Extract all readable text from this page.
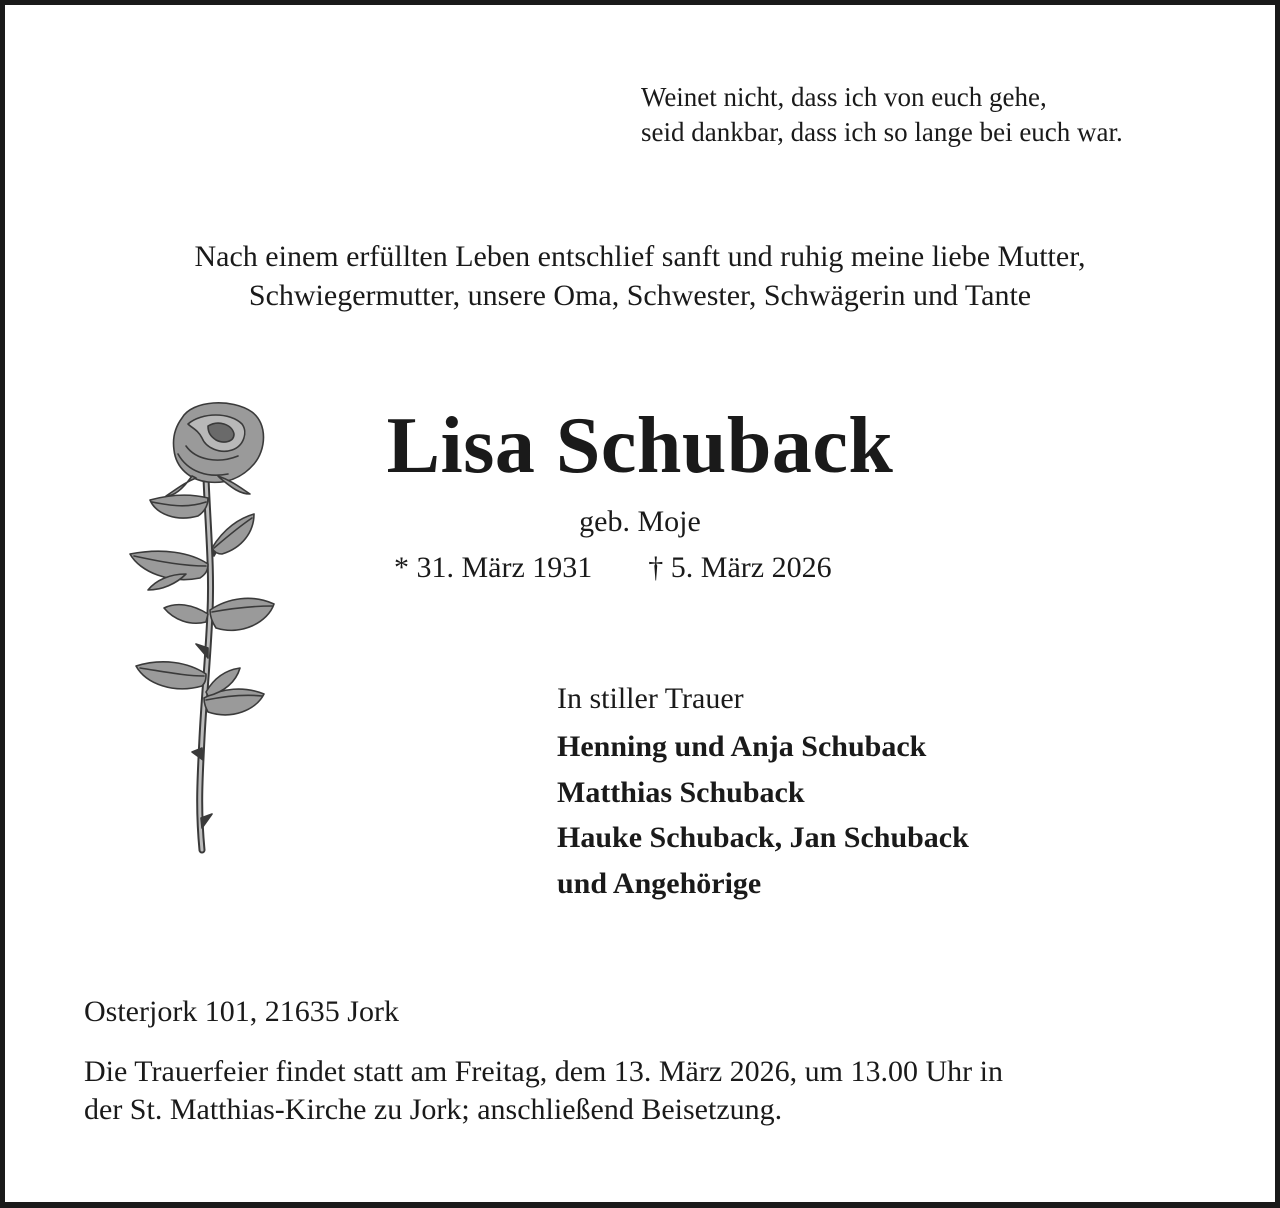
Weinet nicht, dass ich von euch gehe,
seid dankbar, dass ich so lange bei euch war.
Nach einem erfüllten Leben entschlief sanft und ruhig meine liebe Mutter,
Schwiegermutter, unsere Oma, Schwester, Schwägerin und Tante
Lisa Schuback
geb. Moje
* 31. März 1931 † 5. März 2026
In stiller Trauer
Henning und Anja Schuback
Matthias Schuback
Hauke Schuback, Jan Schuback
und Angehörige
Osterjork 101, 21635 Jork
Die Trauerfeier findet statt am Freitag, dem 13. März 2026, um 13.00 Uhr in
der St. Matthias-Kirche zu Jork; anschließend Beisetzung.
